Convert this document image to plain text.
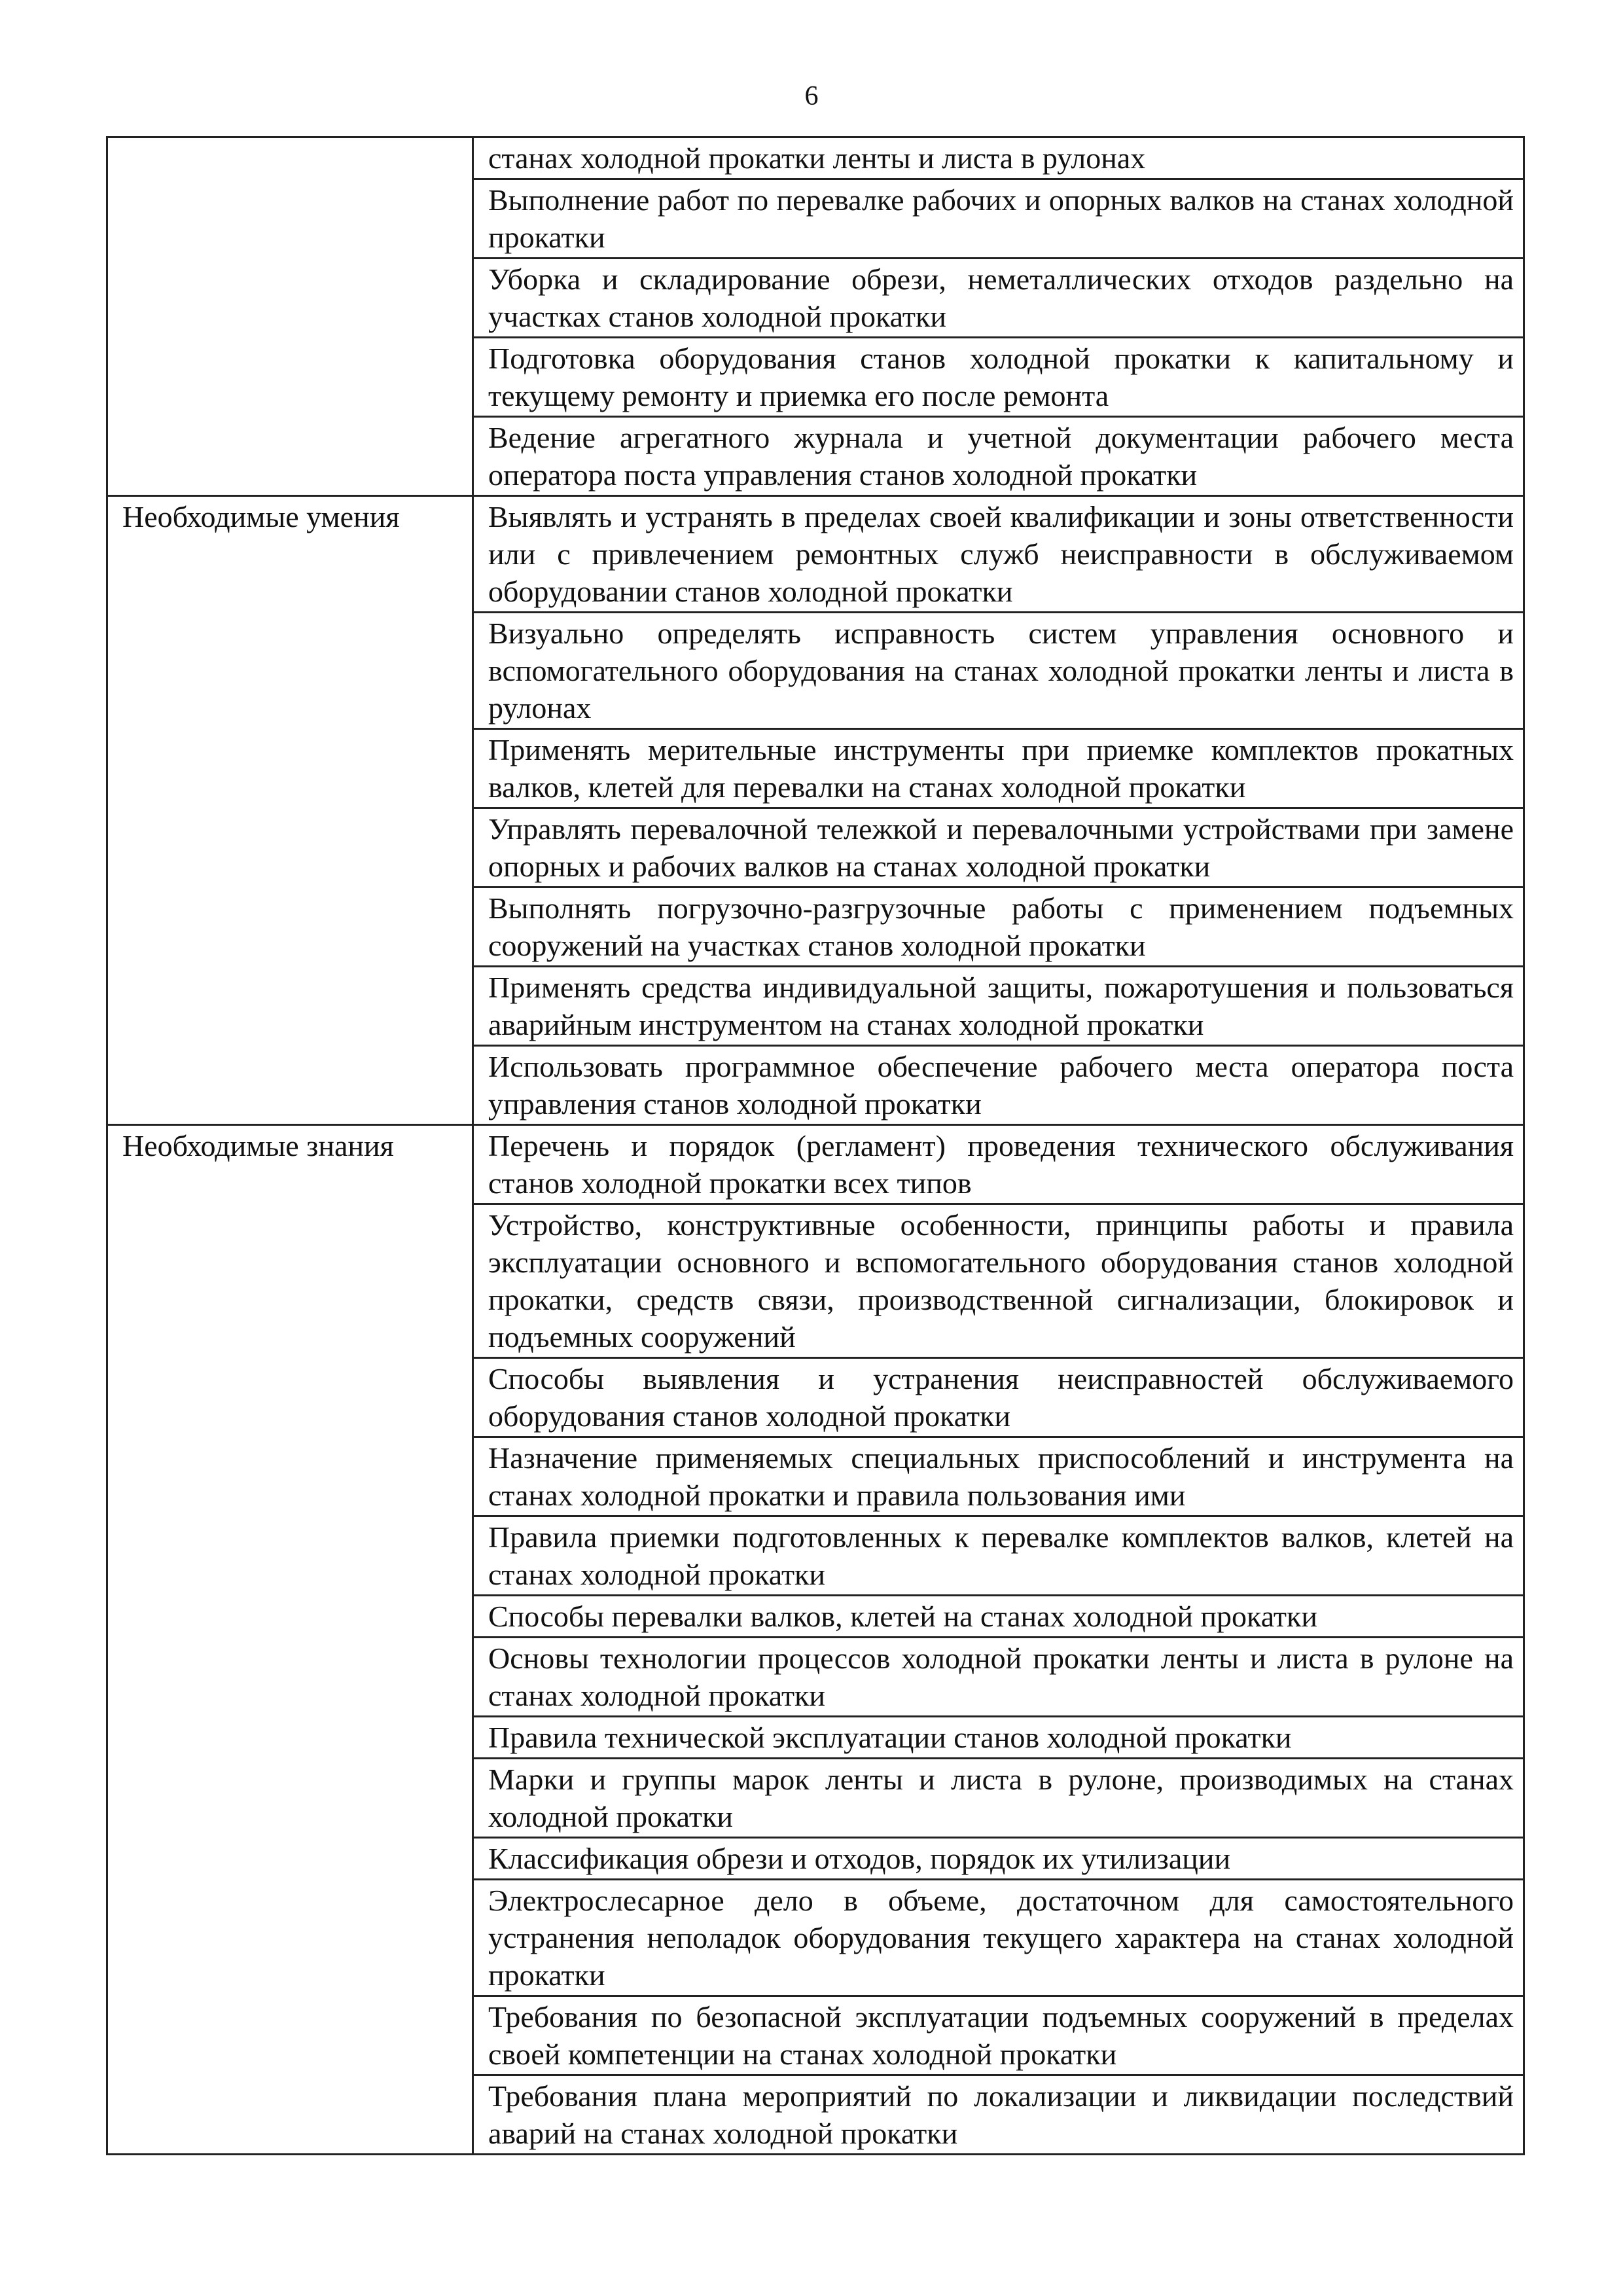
6
	станах холодной прокатки ленты и листа в рулонах
	Выполнение работ по перевалке рабочих и опорных валков на станах холодной прокатки
	Уборка и складирование обрези, неметаллических отходов раздельно на участках станов холодной прокатки
	Подготовка оборудования станов холодной прокатки к капитальному и текущему ремонту и приемка его после ремонта
	Ведение агрегатного журнала и учетной документации рабочего места оператора поста управления станов холодной прокатки
Необходимые умения	Выявлять и устранять в пределах своей квалификации и зоны ответственности или с привлечением ремонтных служб неисправности в обслуживаемом оборудовании станов холодной прокатки
	Визуально определять исправность систем управления основного и вспомогательного оборудования на станах холодной прокатки ленты и листа в рулонах
	Применять мерительные инструменты при приемке комплектов прокатных валков, клетей для перевалки на станах холодной прокатки
	Управлять перевалочной тележкой и перевалочными устройствами при замене опорных и рабочих валков на станах холодной прокатки
	Выполнять погрузочно-разгрузочные работы с применением подъемных сооружений на участках станов холодной прокатки
	Применять средства индивидуальной защиты, пожаротушения и пользоваться аварийным инструментом на станах холодной прокатки
	Использовать программное обеспечение рабочего места оператора поста управления станов холодной прокатки
Необходимые знания	Перечень и порядок (регламент) проведения технического обслуживания станов холодной прокатки всех типов
	Устройство, конструктивные особенности, принципы работы и правила эксплуатации основного и вспомогательного оборудования станов холодной прокатки, средств связи, производственной сигнализации, блокировок и подъемных сооружений
	Способы выявления и устранения неисправностей обслуживаемого оборудования станов холодной прокатки
	Назначение применяемых специальных приспособлений и инструмента на станах холодной прокатки и правила пользования ими
	Правила приемки подготовленных к перевалке комплектов валков, клетей на станах холодной прокатки
	Способы перевалки валков, клетей на станах холодной прокатки
	Основы технологии процессов холодной прокатки ленты и листа в рулоне на станах холодной прокатки
	Правила технической эксплуатации станов холодной прокатки
	Марки и группы марок ленты и листа в рулоне, производимых на станах холодной прокатки
	Классификация обрези и отходов, порядок их утилизации
	Электрослесарное дело в объеме, достаточном для самостоятельного устранения неполадок оборудования текущего характера на станах холодной прокатки
	Требования по безопасной эксплуатации подъемных сооружений в пределах своей компетенции на станах холодной прокатки
	Требования плана мероприятий по локализации и ликвидации последствий аварий на станах холодной прокатки
